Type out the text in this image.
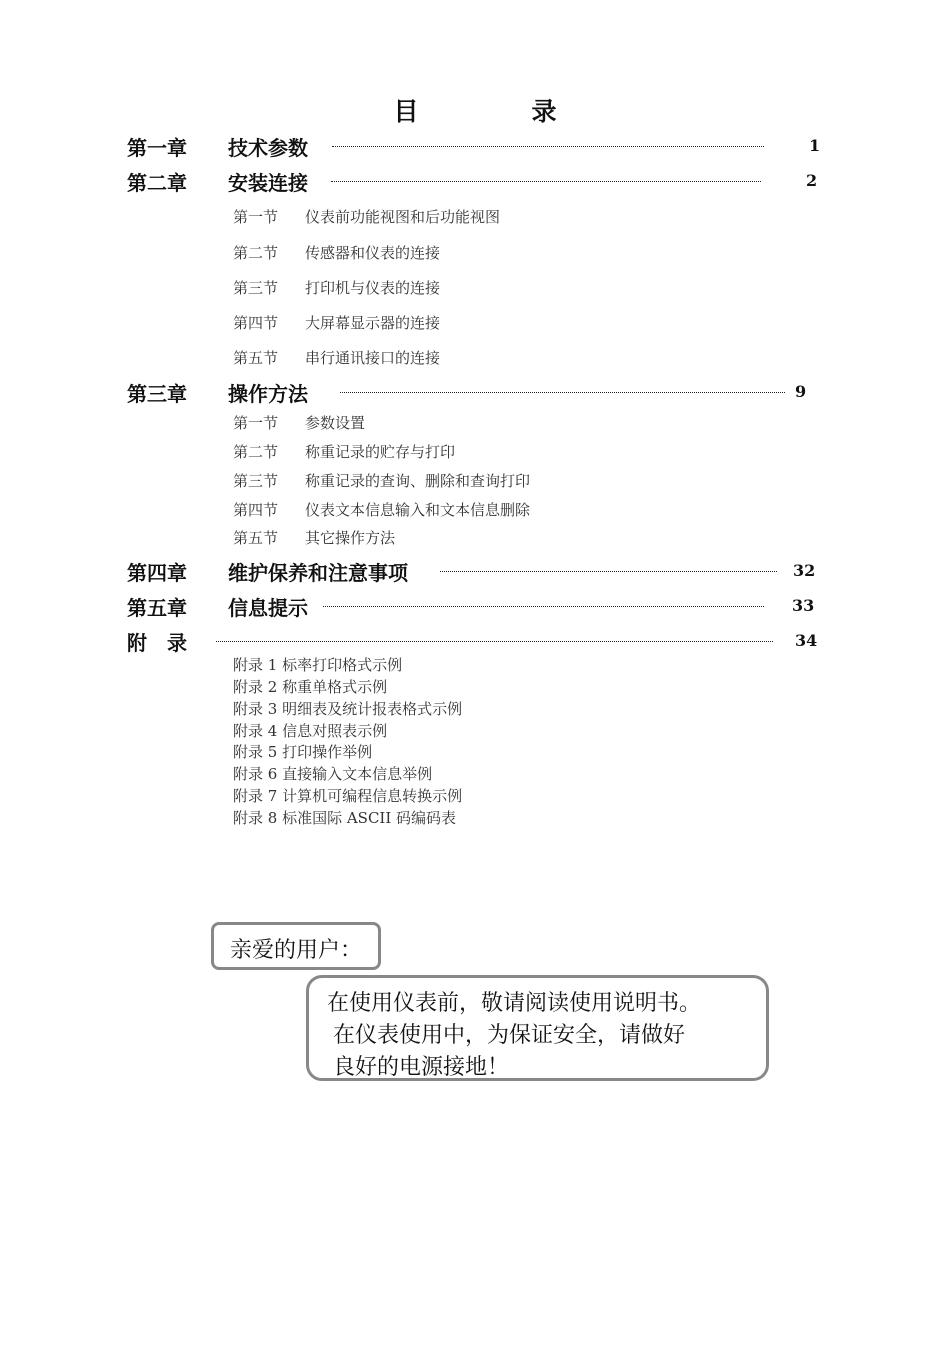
目　录
第一章 技术参数	1
第二章 安装连接	2
第一节 仪表前功能视图和后功能视图
第二节 传感器和仪表的连接
第三节 打印机与仪表的连接
第四节 大屏幕显示器的连接
第五节 串行通讯接口的连接
第三章 操作方法	9
第一节 参数设置
第二节 称重记录的贮存与打印
第三节 称重记录的查询、删除和查询打印
第四节 仪表文本信息输入和文本信息删除
第五节 其它操作方法
第四章 维护保养和注意事项	32
第五章 信息提示	33
附　录	34
附录 1 标率打印格式示例
附录 2 称重单格式示例
附录 3 明细表及统计报表格式示例
附录 4 信息对照表示例
附录 5 打印操作举例
附录 6 直接输入文本信息举例
附录 7 计算机可编程信息转换示例
附录 8 标准国际 ASCII 码编码表
亲爱的用户：
在使用仪表前，敬请阅读使用说明书。
在仪表使用中，为保证安全，请做好
良好的电源接地！
